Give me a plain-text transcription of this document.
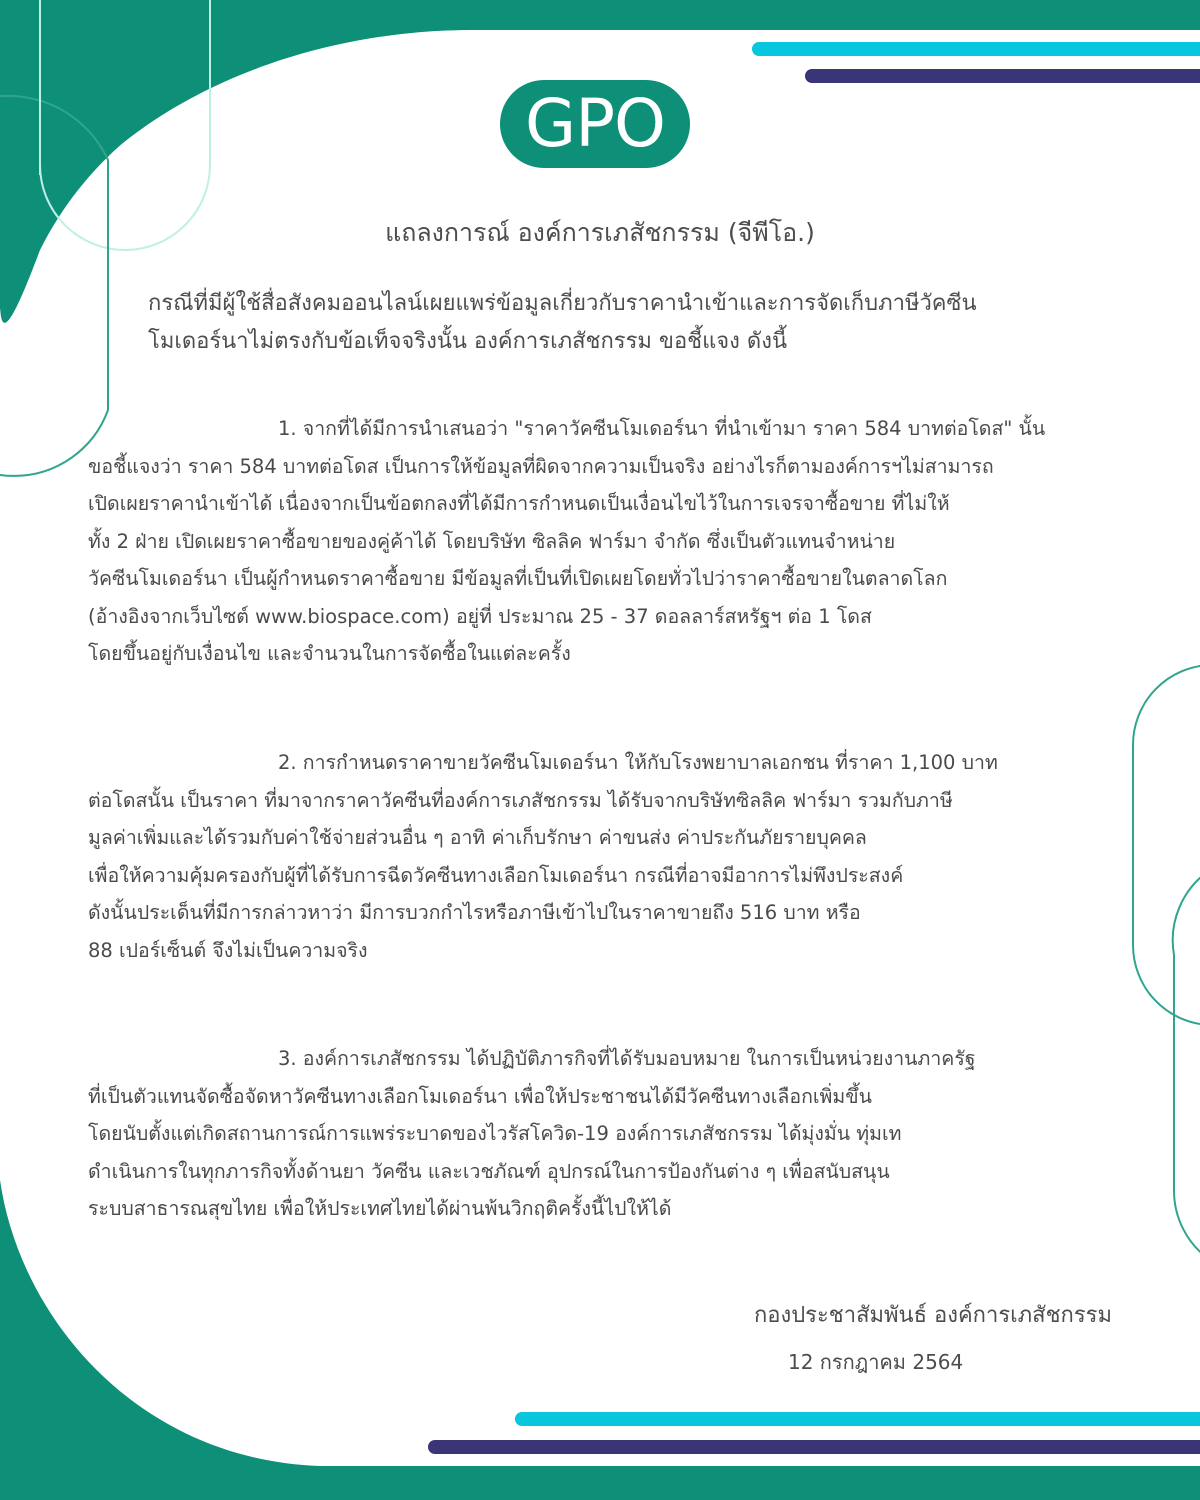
GPO
แถลงการณ์ องค์การเภสัชกรรม (จีพีโอ.)
กรณีที่มีผู้ใช้สื่อสังคมออนไลน์เผยแพร่ข้อมูลเกี่ยวกับราคานำเข้าและการจัดเก็บภาษีวัคซีน
โมเดอร์นาไม่ตรงกับข้อเท็จจริงนั้น องค์การเภสัชกรรม ขอชี้แจง ดังนี้
1. จากที่ได้มีการนำเสนอว่า "ราคาวัคซีนโมเดอร์นา ที่นำเข้ามา ราคา 584 บาทต่อโดส" นั้น
ขอชี้แจงว่า ราคา 584 บาทต่อโดส เป็นการให้ข้อมูลที่ผิดจากความเป็นจริง อย่างไรก็ตามองค์การฯไม่สามารถ
เปิดเผยราคานำเข้าได้ เนื่องจากเป็นข้อตกลงที่ได้มีการกำหนดเป็นเงื่อนไขไว้ในการเจรจาซื้อขาย ที่ไม่ให้
ทั้ง 2 ฝ่าย เปิดเผยราคาซื้อขายของคู่ค้าได้ โดยบริษัท ซิลลิค ฟาร์มา จำกัด ซึ่งเป็นตัวแทนจำหน่าย
วัคซีนโมเดอร์นา เป็นผู้กำหนดราคาซื้อขาย มีข้อมูลที่เป็นที่เปิดเผยโดยทั่วไปว่าราคาซื้อขายในตลาดโลก
(อ้างอิงจากเว็บไซต์ www.biospace.com) อยู่ที่ ประมาณ 25 - 37 ดอลลาร์สหรัฐฯ ต่อ 1 โดส
โดยขึ้นอยู่กับเงื่อนไข และจำนวนในการจัดซื้อในแต่ละครั้ง
2. การกำหนดราคาขายวัคซีนโมเดอร์นา ให้กับโรงพยาบาลเอกชน ที่ราคา 1,100 บาท
ต่อโดสนั้น เป็นราคา ที่มาจากราคาวัคซีนที่องค์การเภสัชกรรม ได้รับจากบริษัทซิลลิค ฟาร์มา รวมกับภาษี
มูลค่าเพิ่มและได้รวมกับค่าใช้จ่ายส่วนอื่น ๆ อาทิ ค่าเก็บรักษา ค่าขนส่ง ค่าประกันภัยรายบุคคล
เพื่อให้ความคุ้มครองกับผู้ที่ได้รับการฉีดวัคซีนทางเลือกโมเดอร์นา กรณีที่อาจมีอาการไม่พึงประสงค์
ดังนั้นประเด็นที่มีการกล่าวหาว่า มีการบวกกำไรหรือภาษีเข้าไปในราคาขายถึง 516 บาท หรือ
88 เปอร์เซ็นต์ จึงไม่เป็นความจริง
3. องค์การเภสัชกรรม ได้ปฏิบัติภารกิจที่ได้รับมอบหมาย ในการเป็นหน่วยงานภาครัฐ
ที่เป็นตัวแทนจัดซื้อจัดหาวัคซีนทางเลือกโมเดอร์นา เพื่อให้ประชาชนได้มีวัคซีนทางเลือกเพิ่มขึ้น
โดยนับตั้งแต่เกิดสถานการณ์การแพร่ระบาดของไวรัสโควิด-19 องค์การเภสัชกรรม ได้มุ่งมั่น ทุ่มเท
ดำเนินการในทุกภารกิจทั้งด้านยา วัคซีน และเวชภัณฑ์ อุปกรณ์ในการป้องกันต่าง ๆ เพื่อสนับสนุน
ระบบสาธารณสุขไทย เพื่อให้ประเทศไทยได้ผ่านพ้นวิกฤติครั้งนี้ไปให้ได้
กองประชาสัมพันธ์ องค์การเภสัชกรรม
12 กรกฎาคม 2564
